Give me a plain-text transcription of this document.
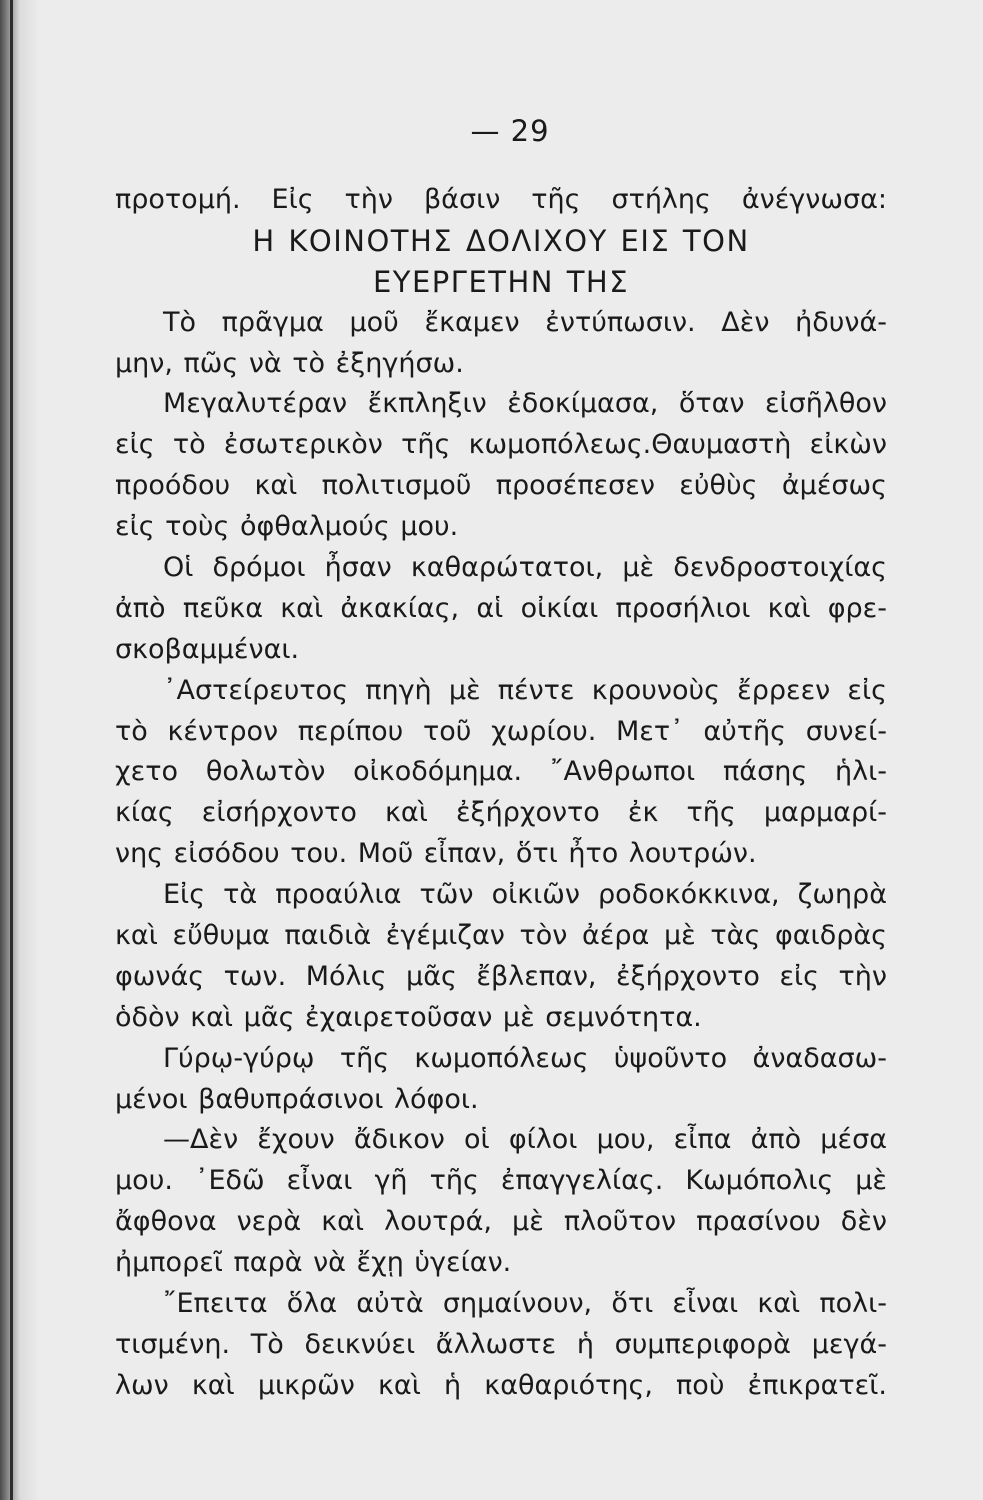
— 29
προτομή. Εἰς τὴν βάσιν τῆς στήλης ἀνέγνωσα:
Η ΚΟΙΝΟΤΗΣ ΔΟΛΙΧΟΥ ΕΙΣ ΤΟΝ
ΕΥΕΡΓΕΤΗΝ ΤΗΣ
Τὸ πρᾶγμα μοῦ ἔκαμεν ἐντύπωσιν. Δὲν ἠδυνά-
μην, πῶς νὰ τὸ ἐξηγήσω.
Μεγαλυτέραν ἔκπληξιν ἐδοκίμασα, ὅταν εἰσῆλθον
εἰς τὸ ἐσωτερικὸν τῆς κωμοπόλεως.Θαυμαστὴ εἰκὼν
προόδου καὶ πολιτισμοῦ προσέπεσεν εὐθὺς ἀμέσως
εἰς τοὺς ὀφθαλμούς μου.
Οἱ δρόμοι ἦσαν καθαρώτατοι, μὲ δενδροστοιχίας
ἀπὸ πεῦκα καὶ ἀκακίας, αἱ οἰκίαι προσήλιοι καὶ φρε-
σκοβαμμέναι.
᾿Αστείρευτος πηγὴ μὲ πέντε κρουνοὺς ἔρρεεν εἰς
τὸ κέντρον περίπου τοῦ χωρίου. Μετ᾿ αὐτῆς συνεί-
χετο θολωτὸν οἰκοδόμημα. ῎Ανθρωποι πάσης ἡλι-
κίας εἰσήρχοντο καὶ ἐξήρχοντο ἐκ τῆς μαρμαρί-
νης εἰσόδου του. Μοῦ εἶπαν, ὅτι ἦτο λουτρών.
Εἰς τὰ προαύλια τῶν οἰκιῶν ροδοκόκκινα, ζωηρὰ
καὶ εὔθυμα παιδιὰ ἐγέμιζαν τὸν ἀέρα μὲ τὰς φαιδρὰς
φωνάς των. Μόλις μᾶς ἔβλεπαν, ἐξήρχοντο εἰς τὴν
ὁδὸν καὶ μᾶς ἐχαιρετοῦσαν μὲ σεμνότητα.
Γύρῳ-γύρῳ τῆς κωμοπόλεως ὑψοῦντο ἀναδασω-
μένοι βαθυπράσινοι λόφοι.
—Δὲν ἔχουν ἄδικον οἱ φίλοι μου, εἶπα ἀπὸ μέσα
μου. ᾿Εδῶ εἶναι γῆ τῆς ἐπαγγελίας. Κωμόπολις μὲ
ἄφθονα νερὰ καὶ λουτρά, μὲ πλοῦτον πρασίνου δὲν
ἠμπορεῖ παρὰ νὰ ἔχῃ ὑγείαν.
῎Επειτα ὅλα αὐτὰ σημαίνουν, ὅτι εἶναι καὶ πολι-
τισμένη. Τὸ δεικνύει ἄλλωστε ἡ συμπεριφορὰ μεγά-
λων καὶ μικρῶν καὶ ἡ καθαριότης, ποὺ ἐπικρατεῖ.
